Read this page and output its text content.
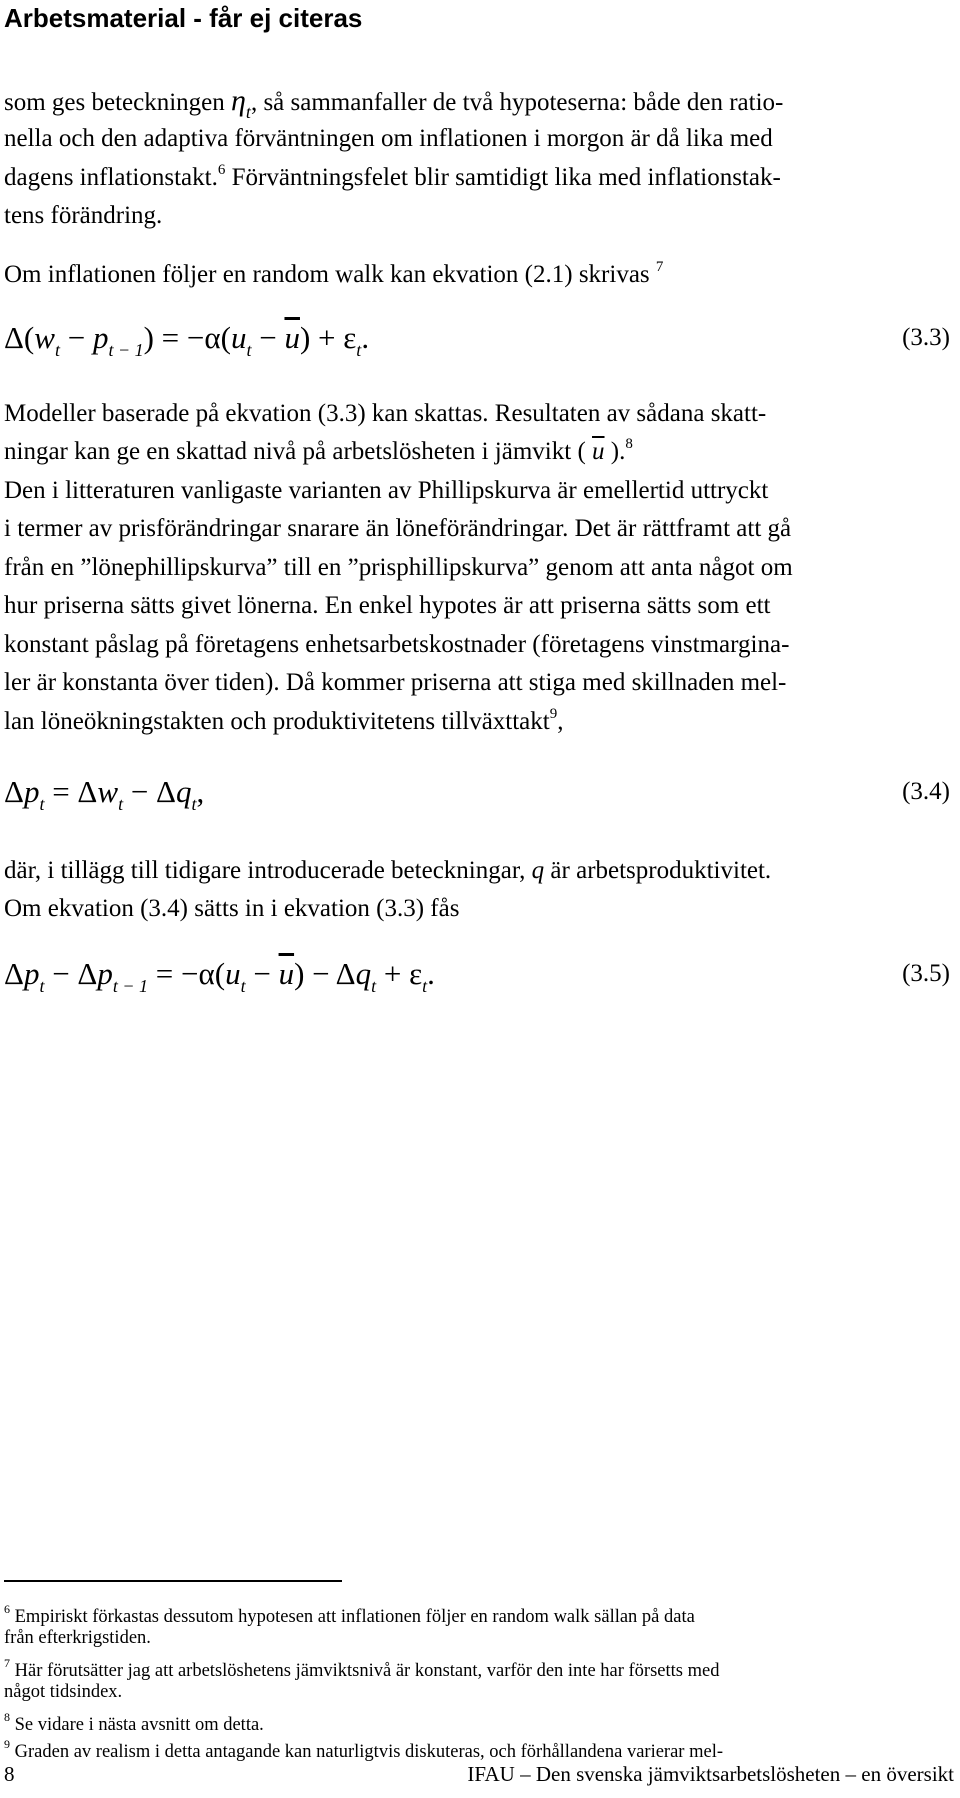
Arbetsmaterial - får ej citeras
som ges beteckningen $\eta_t$, så sammanfaller de två hypoteserna: både den ratio-
nella och den adaptiva förväntningen om inflationen i morgon är då lika med
dagens inflationstakt.$^6$ Förväntningsfelet blir samtidigt lika med inflationstak-
tens förändring.
Om inflationen följer en random walk kan ekvation (2.1) skrivas $^7$
$\Delta(w_t - p_{t - 1}) = -\alpha(u_t - \overline{u}) + \varepsilon_t$.	(3.3)
Modeller baserade på ekvation (3.3) kan skattas. Resultaten av sådana skatt-
ningar kan ge en skattad nivå på arbetslösheten i jämvikt ( $\overline{u}$ ).$^8$
Den i litteraturen vanligaste varianten av Phillipskurva är emellertid uttryckt
i termer av prisförändringar snarare än löneförändringar. Det är rättframt att gå
från en ”lönephillipskurva” till en ”prisphillipskurva” genom att anta något om
hur priserna sätts givet lönerna. En enkel hypotes är att priserna sätts som ett
konstant påslag på företagens enhetsarbetskostnader (företagens vinstmargina-
ler är konstanta över tiden). Då kommer priserna att stiga med skillnaden mel-
lan löneökningstakten och produktivitetens tillväxttakt$^9$,
$\Delta p_t = \Delta w_t - \Delta q_t$,	(3.4)
där, i tillägg till tidigare introducerade beteckningar, q är arbetsproduktivitet.
Om ekvation (3.4) sätts in i ekvation (3.3) fås
$\Delta p_t - \Delta p_{t - 1} = -\alpha(u_t - \overline{u}) - \Delta q_t + \varepsilon_t$.	(3.5)
$^6$ Empiriskt förkastas dessutom hypotesen att inflationen följer en random walk sällan på data
från efterkrigstiden.
$^7$ Här förutsätter jag att arbetslöshetens jämviktsnivå är konstant, varför den inte har försetts med
något tidsindex.
$^8$ Se vidare i nästa avsnitt om detta.
$^9$ Graden av realism i detta antagande kan naturligtvis diskuteras, och förhållandena varierar mel-
8	IFAU – Den svenska jämviktsarbetslösheten – en översikt
